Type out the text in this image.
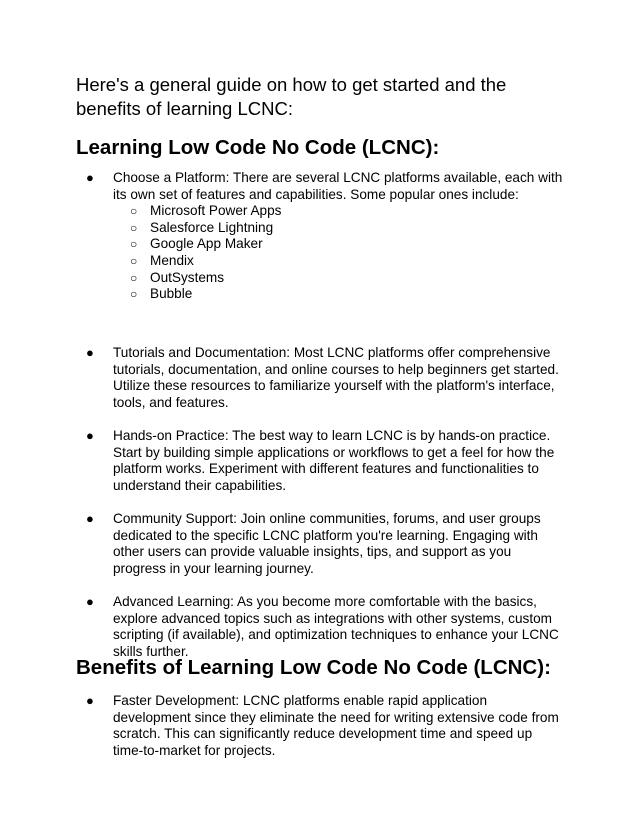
Here's a general guide on how to get started and the benefits of learning LCNC:

Learning Low Code No Code (LCNC):
● Choose a Platform: There are several LCNC platforms available, each with its own set of features and capabilities. Some popular ones include:
○ Microsoft Power Apps
○ Salesforce Lightning
○ Google App Maker
○ Mendix
○ OutSystems
○ Bubble
● Tutorials and Documentation: Most LCNC platforms offer comprehensive tutorials, documentation, and online courses to help beginners get started. Utilize these resources to familiarize yourself with the platform's interface, tools, and features.
● Hands-on Practice: The best way to learn LCNC is by hands-on practice. Start by building simple applications or workflows to get a feel for how the platform works. Experiment with different features and functionalities to understand their capabilities.
● Community Support: Join online communities, forums, and user groups dedicated to the specific LCNC platform you're learning. Engaging with other users can provide valuable insights, tips, and support as you progress in your learning journey.
● Advanced Learning: As you become more comfortable with the basics, explore advanced topics such as integrations with other systems, custom scripting (if available), and optimization techniques to enhance your LCNC skills further.
Benefits of Learning Low Code No Code (LCNC):
● Faster Development: LCNC platforms enable rapid application development since they eliminate the need for writing extensive code from scratch. This can significantly reduce development time and speed up time-to-market for projects.
